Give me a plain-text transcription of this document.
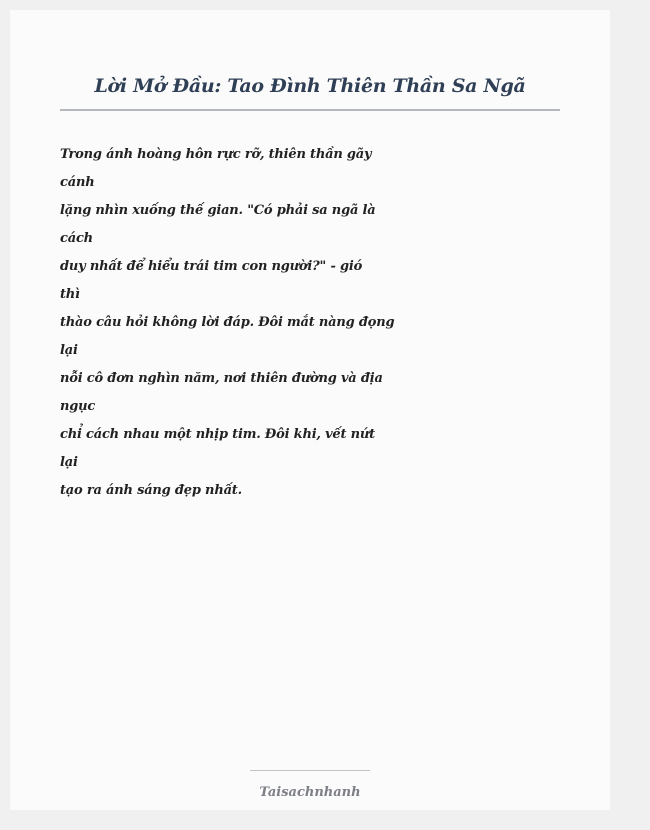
Lời Mở Đầu: Tao Đình Thiên Thần Sa Ngã
Trong ánh hoàng hôn rực rỡ, thiên thần gãy
cánh
lặng nhìn xuống thế gian. "Có phải sa ngã là
cách
duy nhất để hiểu trái tim con người?" - gió
thì
thào câu hỏi không lời đáp. Đôi mắt nàng đọng
lại
nỗi cô đơn nghìn năm, nơi thiên đường và địa
ngục
chỉ cách nhau một nhịp tim. Đôi khi, vết nứt
lại
tạo ra ánh sáng đẹp nhất.
Taisachnhanh
